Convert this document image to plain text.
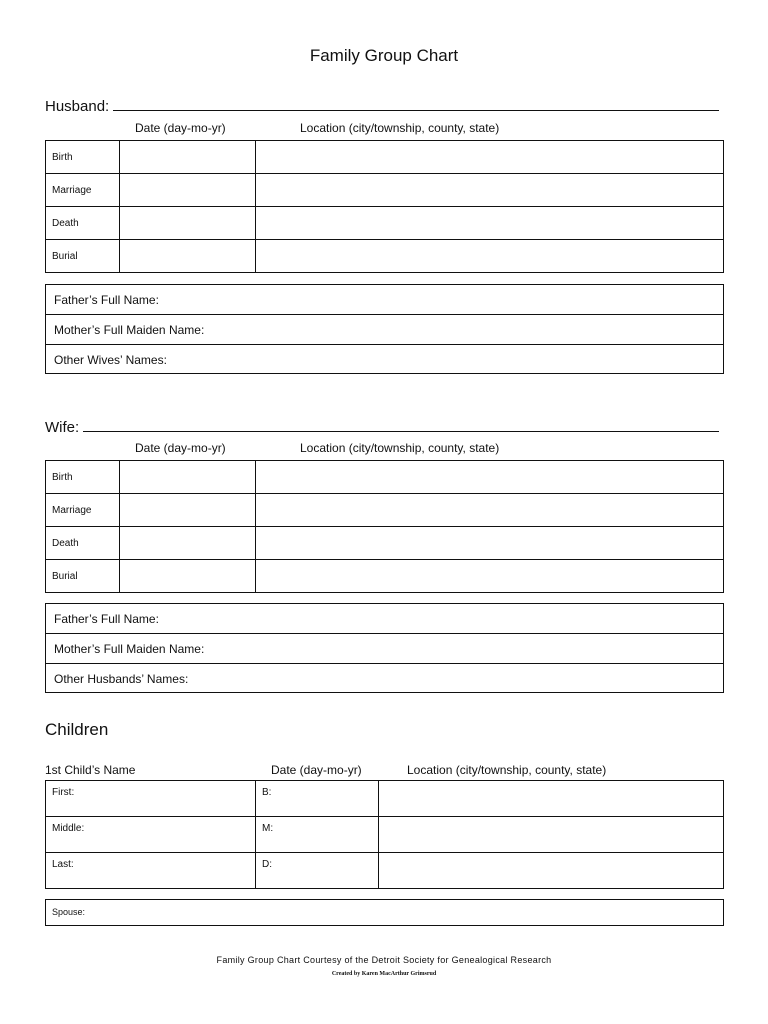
Family Group Chart
Husband:
Date (day-mo-yr)	Location (city/township, county, state)
Birth		
Marriage		
Death		
Burial		
Father’s Full Name:
Mother’s Full Maiden Name:
Other Wives’ Names:
Wife:
Date (day-mo-yr)	Location (city/township, county, state)
Birth		
Marriage		
Death		
Burial		
Father’s Full Name:
Mother’s Full Maiden Name:
Other Husbands’ Names:
Children
1st Child’s Name	Date (day-mo-yr)	Location (city/township, county, state)
First:	B:	
Middle:	M:	
Last:	D:	
Spouse:
Family Group Chart Courtesy of the Detroit Society for Genealogical Research
Created by Karen MacArthur Grimsrud
